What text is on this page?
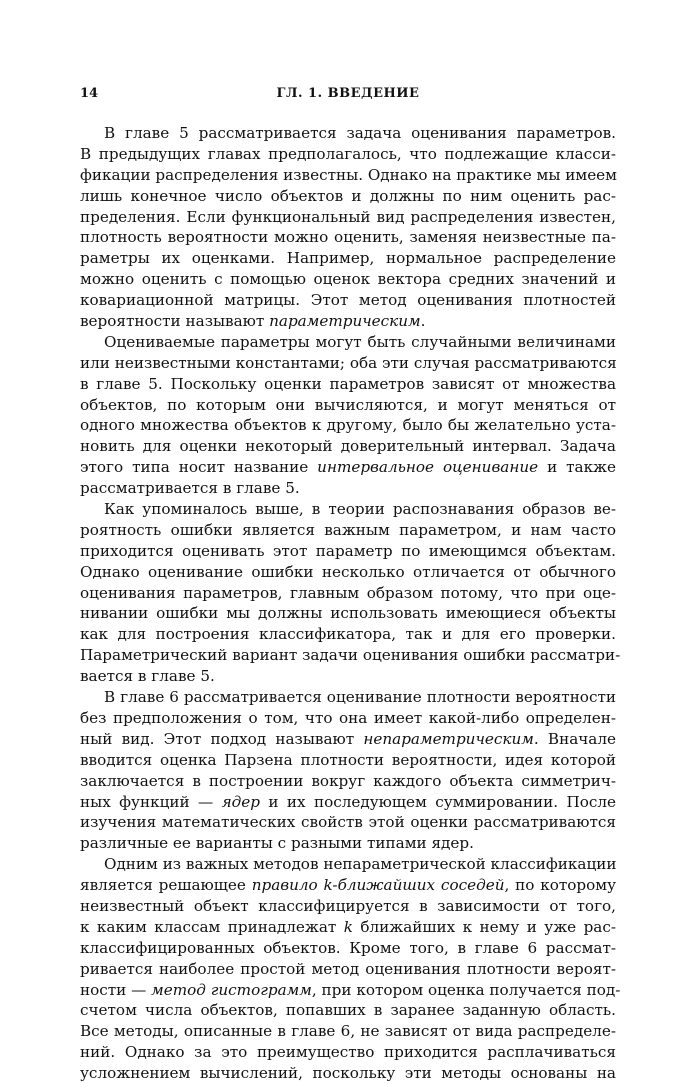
14	ГЛ. 1. ВВЕДЕНИЕ
В главе 5 рассматривается задача оценивания параметров.
В предыдущих главах предполагалось, что подлежащие класси-
фикации распределения известны. Однако на практике мы имеем
лишь конечное число объектов и должны по ним оценить рас-
пределения. Если функциональный вид распределения известен,
плотность вероятности можно оценить, заменяя неизвестные па-
раметры их оценками. Например, нормальное распределение
можно оценить с помощью оценок вектора средних значений и
ковариационной матрицы. Этот метод оценивания плотностей
вероятности называют параметрическим.
Оцениваемые параметры могут быть случайными величинами
или неизвестными константами; оба эти случая рассматриваются
в главе 5. Поскольку оценки параметров зависят от множества
объектов, по которым они вычисляются, и могут меняться от
одного множества объектов к другому, было бы желательно уста-
новить для оценки некоторый доверительный интервал. Задача
этого типа носит название интервальное оценивание и также
рассматривается в главе 5.
Как упоминалось выше, в теории распознавания образов ве-
роятность ошибки является важным параметром, и нам часто
приходится оценивать этот параметр по имеющимся объектам.
Однако оценивание ошибки несколько отличается от обычного
оценивания параметров, главным образом потому, что при оце-
нивании ошибки мы должны использовать имеющиеся объекты
как для построения классификатора, так и для его проверки.
Параметрический вариант задачи оценивания ошибки рассматри-
вается в главе 5.
В главе 6 рассматривается оценивание плотности вероятности
без предположения о том, что она имеет какой-либо определен-
ный вид. Этот подход называют непараметрическим. Вначале
вводится оценка Парзена плотности вероятности, идея которой
заключается в построении вокруг каждого объекта симметрич-
ных функций — ядер и их последующем суммировании. После
изучения математических свойств этой оценки рассматриваются
различные ее варианты с разными типами ядер.
Одним из важных методов непараметрической классификации
является решающее правило k-ближайших соседей, по которому
неизвестный объект классифицируется в зависимости от того,
к каким классам принадлежат k ближайших к нему и уже рас-
классифицированных объектов. Кроме того, в главе 6 рассмат-
ривается наиболее простой метод оценивания плотности вероят-
ности — метод гистограмм, при котором оценка получается под-
счетом числа объектов, попавших в заранее заданную область.
Все методы, описанные в главе 6, не зависят от вида распределе-
ний. Однако за это преимущество приходится расплачиваться
усложнением вычислений, поскольку эти методы основаны на
